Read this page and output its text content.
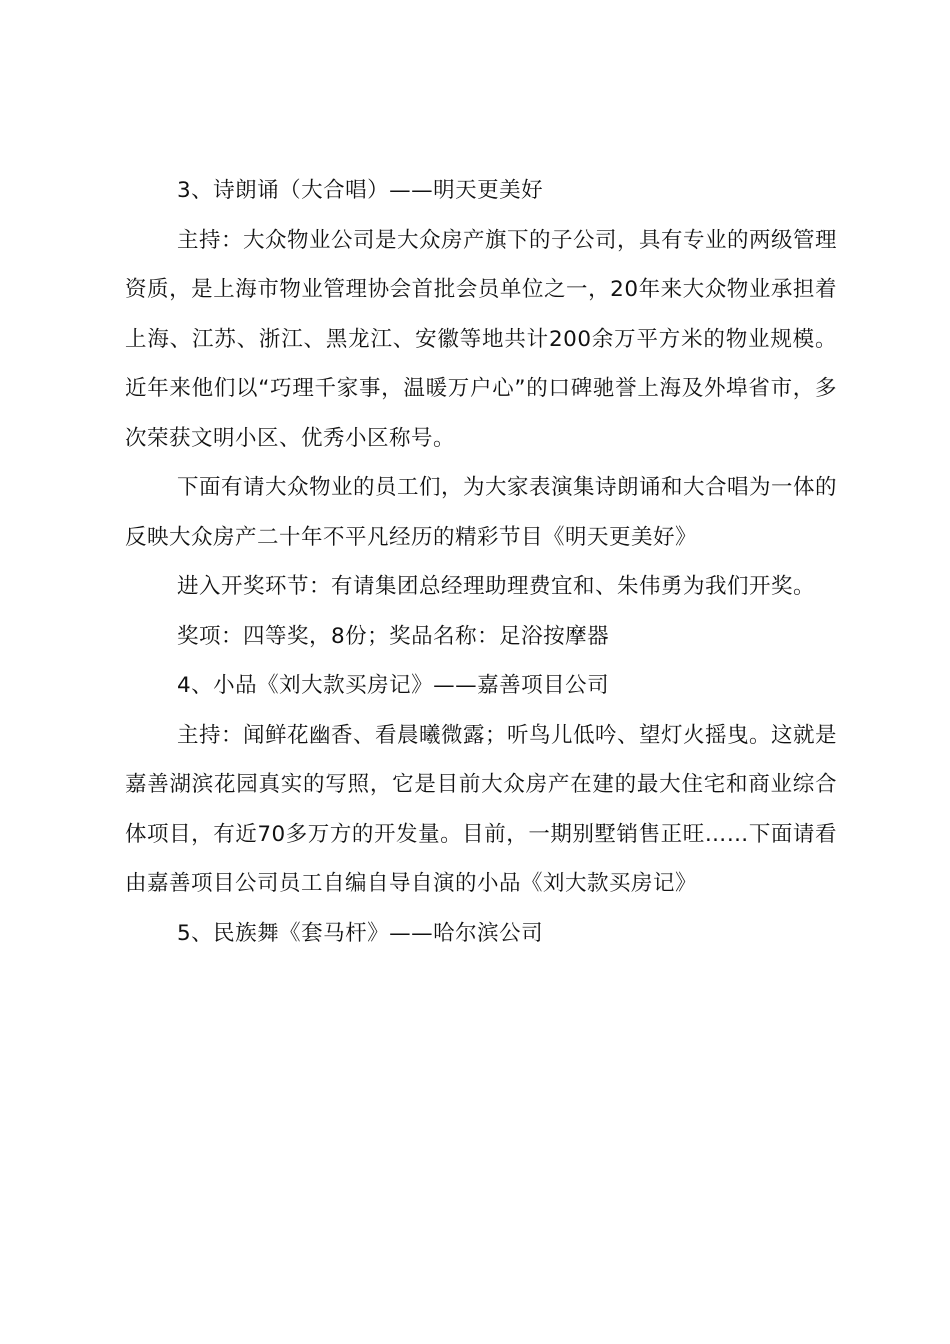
3、诗朗诵（大合唱）——明天更美好

主持：大众物业公司是大众房产旗下的子公司，具有专业的两级管理资质，是上海市物业管理协会首批会员单位之一，20年来大众物业承担着上海、江苏、浙江、黑龙江、安徽等地共计200余万平方米的物业规模。近年来他们以“巧理千家事，温暖万户心”的口碑驰誉上海及外埠省市，多次荣获文明小区、优秀小区称号。

下面有请大众物业的员工们，为大家表演集诗朗诵和大合唱为一体的反映大众房产二十年不平凡经历的精彩节目《明天更美好》

进入开奖环节：有请集团总经理助理费宜和、朱伟勇为我们开奖。

奖项：四等奖，8份；奖品名称：足浴按摩器

4、小品《刘大款买房记》——嘉善项目公司

主持：闻鲜花幽香、看晨曦微露；听鸟儿低吟、望灯火摇曳。这就是嘉善湖滨花园真实的写照，它是目前大众房产在建的最大住宅和商业综合体项目，有近70多万方的开发量。目前，一期别墅销售正旺……下面请看由嘉善项目公司员工自编自导自演的小品《刘大款买房记》

5、民族舞《套马杆》——哈尔滨公司
